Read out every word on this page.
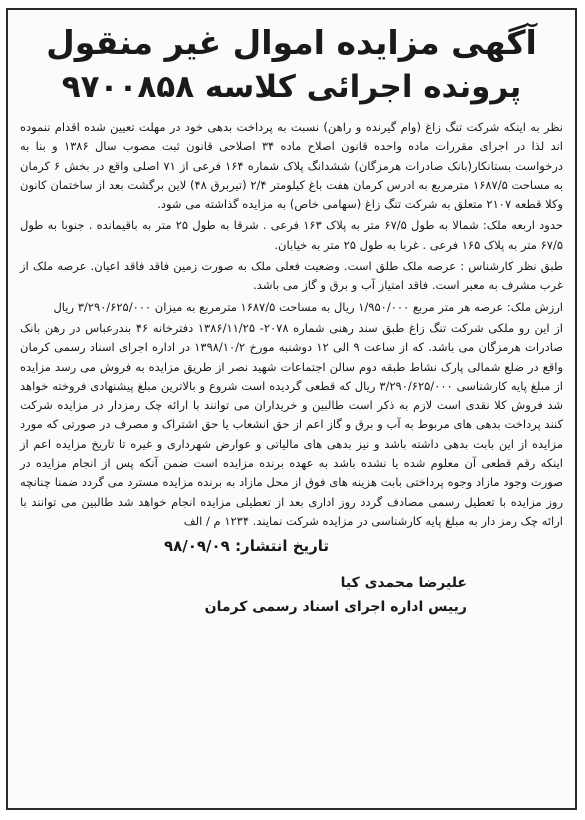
آگهی مزایده اموال غیر منقول
پرونده اجرائی کلاسه ۹۷۰۰۸۵۸

نظر به اینکه شرکت تنگ زاغ (وام گیرنده و راهن) نسبت به پرداخت بدهی خود در مهلت تعیین شده اقدام ننموده اند لذا در اجرای مقررات ماده واحده قانون اصلاح ماده ۳۴ اصلاحی قانون ثبت مصوب سال ۱۳۸۶ و بنا به درخواست بستانکار(بانک صادرات هرمزگان) ششدانگ پلاک شماره ۱۶۴ فرعی از ۷۱ اصلی واقع در بخش ۶ کرمان به مساحت ۱۶۸۷/۵ مترمربع به ادرس کرمان هفت باغ کیلومتر ۲/۴ (تیربرق ۴۸) لاین برگشت بعد از ساختمان کانون وکلا قطعه ۲۱۰۷ متعلق به شرکت تنگ زاغ (سهامی خاص) به مزایده گذاشته می شود.

حدود اربعه ملک: شمالا به طول ۶۷/۵ متر به پلاک ۱۶۳ فرعی . شرقا به طول ۲۵ متر به باقیمانده . جنوبا به طول ۶۷/۵ متر به پلاک ۱۶۵ فرعی . غربا به طول ۲۵ متر به خیابان.

طبق نظر کارشناس : عرصه ملک طلق است. وضعیت فعلی ملک به صورت زمین فاقد فاقد اعیان. عرصه ملک از غرب مشرف به معبر است. فاقد امتیاز آب و برق و گاز می باشد.

ارزش ملک: عرصه هر متر مربع ۱/۹۵۰/۰۰۰ ریال به مساحت ۱۶۸۷/۵ مترمربع به میزان ۳/۲۹۰/۶۲۵/۰۰۰ ریال

از این رو ملکی شرکت تنگ زاغ طبق سند رهنی شماره ۲۰۷۸- ۱۳۸۶/۱۱/۲۵ دفترخانه ۴۶ بندرعباس در رهن بانک صادرات هرمزگان می باشد. که از ساعت ۹ الی ۱۲ دوشنبه مورخ ۱۳۹۸/۱۰/۲ در اداره اجرای اسناد رسمی کرمان واقع در ضلع شمالی پارک نشاط طبقه دوم سالن اجتماعات شهید نصر از طریق مزایده به فروش می رسد مزایده از مبلغ پایه کارشناسی ۳/۲۹۰/۶۲۵/۰۰۰ ریال که قطعی گردیده است شروع و بالاترین مبلغ پیشنهادی فروخته خواهد شد فروش کلا نقدی است لازم به ذکر است طالبین و خریداران می توانند با ارائه چک رمزدار در مزایده شرکت کنند پرداخت بدهی های مربوط به آب و برق و گاز اعم از حق انشعاب یا حق اشتراک و مصرف در صورتی که مورد مزایده از این بابت بدهی داشته باشد و نیز بدهی های مالیاتی و عوارض شهرداری و غیره تا تاریخ مزایده اعم از اینکه رقم قطعی آن معلوم شده یا نشده باشد به عهده برنده مزایده است ضمن آنکه پس از انجام مزایده در صورت وجود مازاد وجوه پرداختی بابت هزینه های فوق از محل مازاد به برنده مزایده مسترد می گردد ضمنا چنانچه روز مزایده با تعطیل رسمی مصادف گردد روز اداری بعد از تعطیلی مزایده انجام خواهد شد طالبین می توانند با ارائه چک رمز دار به مبلغ پایه کارشناسی در مزایده شرکت نمایند. ۱۲۳۴ م / الف

تاریخ انتشار: ۹۸/۰۹/۰۹
علیرضا محمدی کیا
رییس اداره اجرای اسناد رسمی کرمان
